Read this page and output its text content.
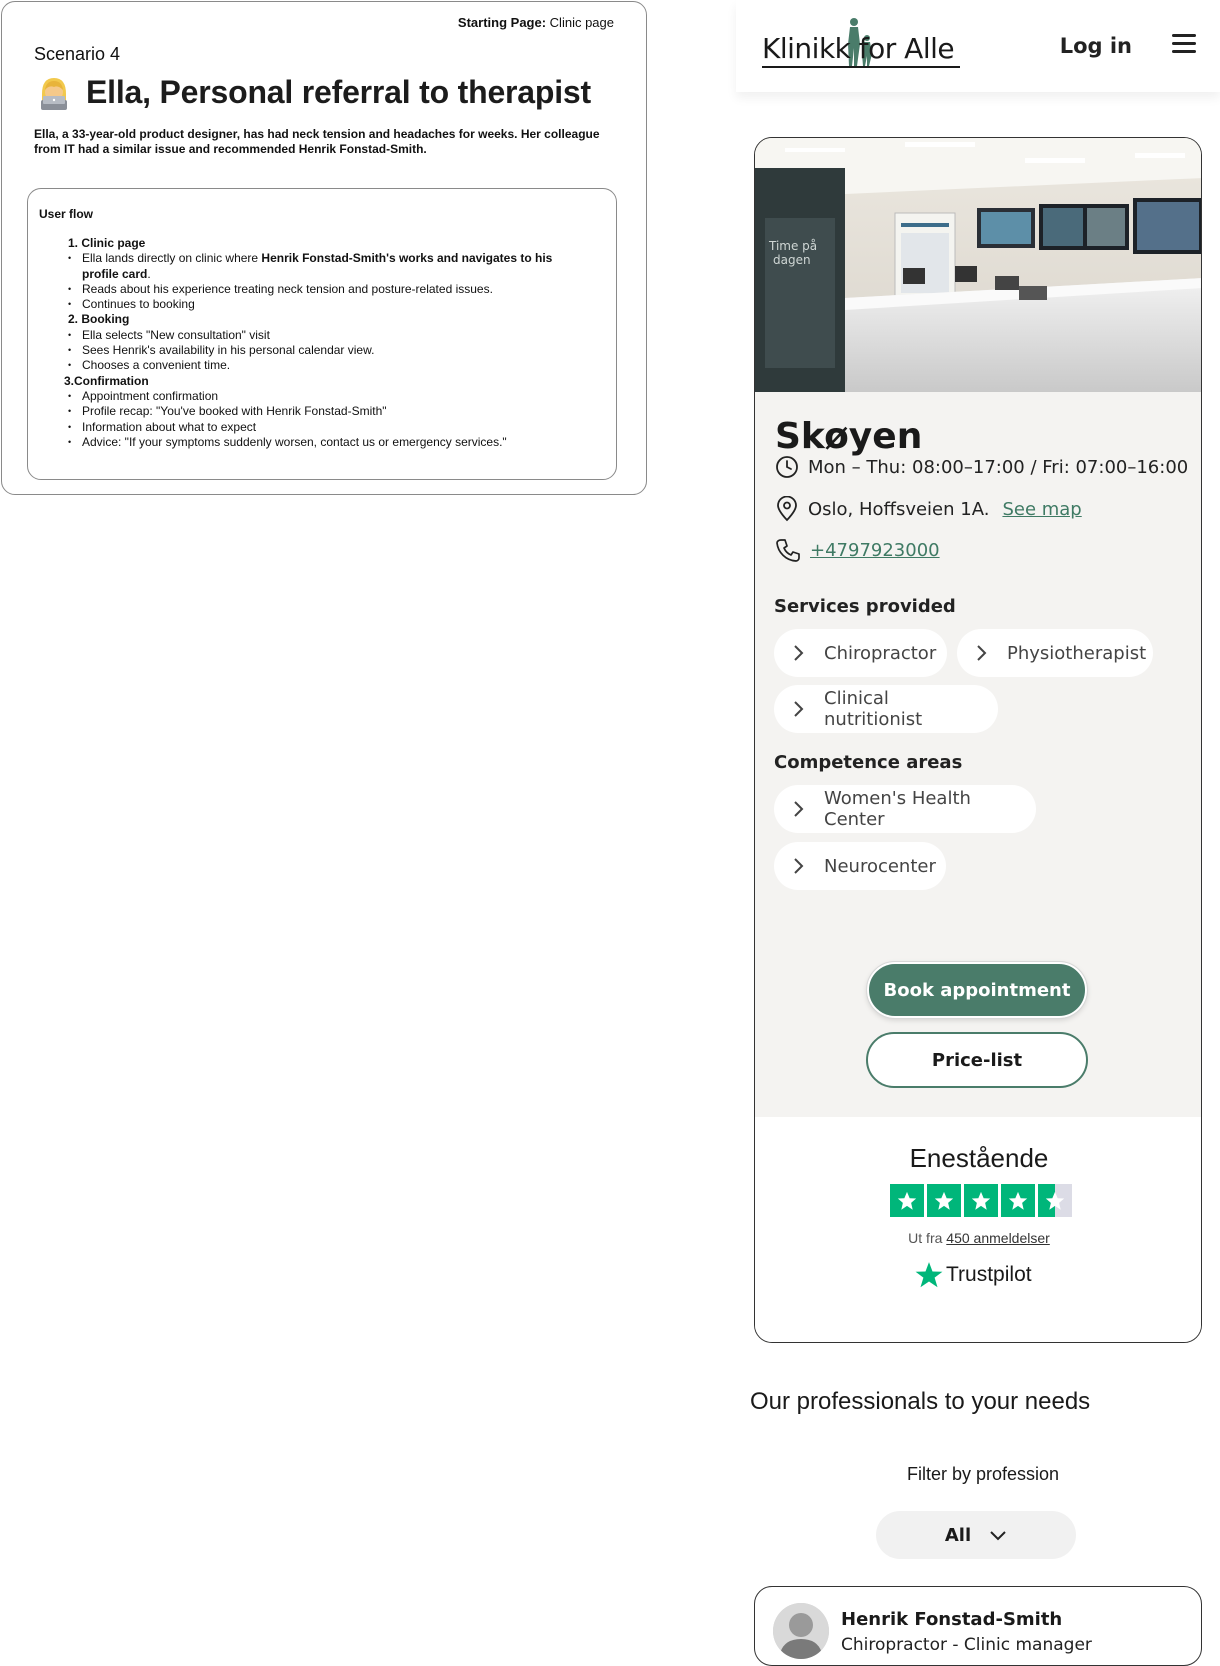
Starting Page: Clinic page
Scenario 4
Ella, Personal referral to therapist
Ella, a 33-year-old product designer, has had neck tension and headaches for weeks. Her colleague from IT had a similar issue and recommended Henrik Fonstad-Smith.
User flow
1. Clinic page
• Ella lands directly on clinic where Henrik Fonstad-Smith's works and navigates to his profile card.
• Reads about his experience treating neck tension and posture-related issues.
• Continues to booking
2. Booking
• Ella selects "New consultation" visit
• Sees Henrik's availability in his personal calendar view.
• Chooses a convenient time.
3.Confirmation
• Appointment confirmation
• Profile recap: "You've booked with Henrik Fonstad-Smith"
• Information about what to expect
• Advice: "If your symptoms suddenly worsen, contact us or emergency services."
Klinikk for Alle	Log in
Time på
dagen
Skøyen
Mon – Thu: 08:00–17:00 / Fri: 07:00–16:00
Oslo, Hoffsveien 1A. See map
+4797923000
Services provided
Chiropractor	Physiotherapist
Clinical nutritionist
Competence areas
Women's Health Center
Neurocenter
Book appointment
Price-list
Enestående
Ut fra 450 anmeldelser
Trustpilot
Our professionals to your needs
Filter by profession
All
Henrik Fonstad-Smith
Chiropractor - Clinic manager
